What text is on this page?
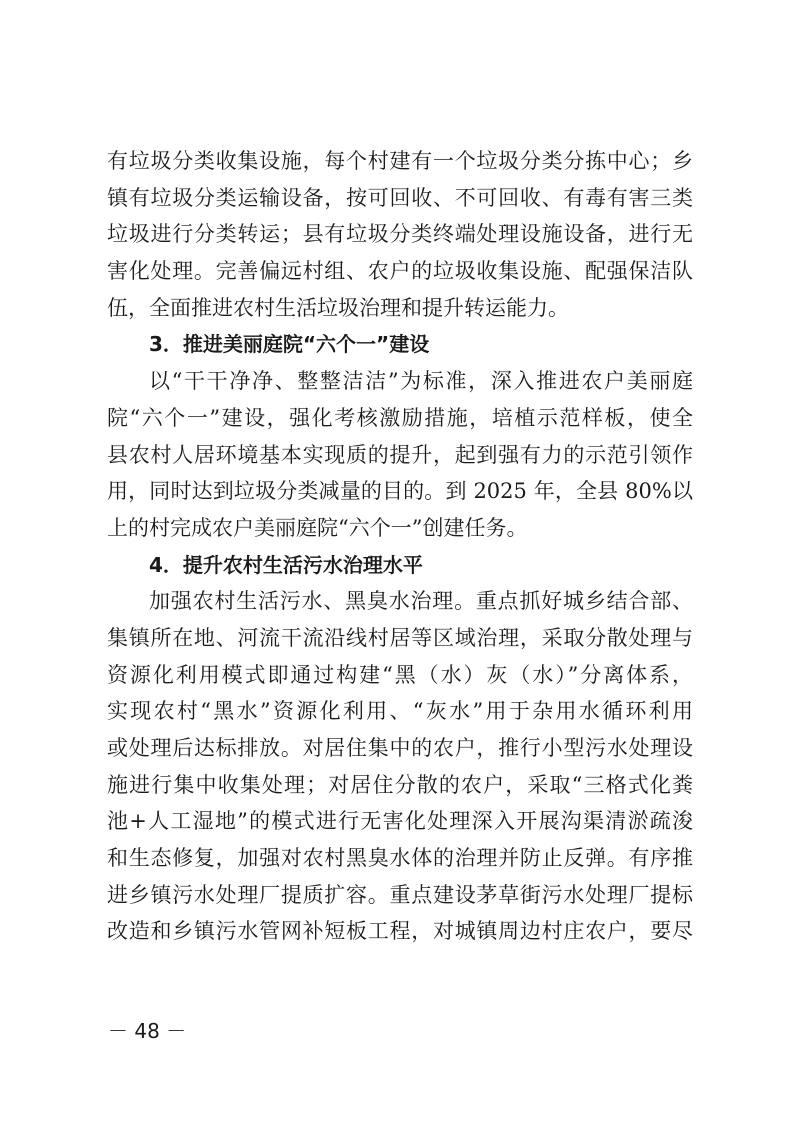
有垃圾分类收集设施，每个村建有一个垃圾分类分拣中心；乡

镇有垃圾分类运输设备，按可回收、不可回收、有毒有害三类

垃圾进行分类转运；县有垃圾分类终端处理设施设备，进行无

害化处理。完善偏远村组、农户的垃圾收集设施、配强保洁队

伍，全面推进农村生活垃圾治理和提升转运能力。

3．推进美丽庭院“六个一”建设

以“干干净净、整整洁洁”为标准，深入推进农户美丽庭

院“六个一”建设，强化考核激励措施，培植示范样板，使全

县农村人居环境基本实现质的提升，起到强有力的示范引领作

用，同时达到垃圾分类减量的目的。到 2025 年，全县 80%以

上的村完成农户美丽庭院“六个一”创建任务。

4．提升农村生活污水治理水平

加强农村生活污水、黑臭水治理。重点抓好城乡结合部、

集镇所在地、河流干流沿线村居等区域治理，采取分散处理与

资源化利用模式即通过构建“黑（水）灰（水）”分离体系，

实现农村“黑水”资源化利用、“灰水”用于杂用水循环利用

或处理后达标排放。对居住集中的农户，推行小型污水处理设

施进行集中收集处理；对居住分散的农户，采取“三格式化粪

池+人工湿地”的模式进行无害化处理深入开展沟渠清淤疏浚

和生态修复，加强对农村黑臭水体的治理并防止反弹。有序推

进乡镇污水处理厂提质扩容。重点建设茅草街污水处理厂提标

改造和乡镇污水管网补短板工程，对城镇周边村庄农户，要尽

－ 48 －
